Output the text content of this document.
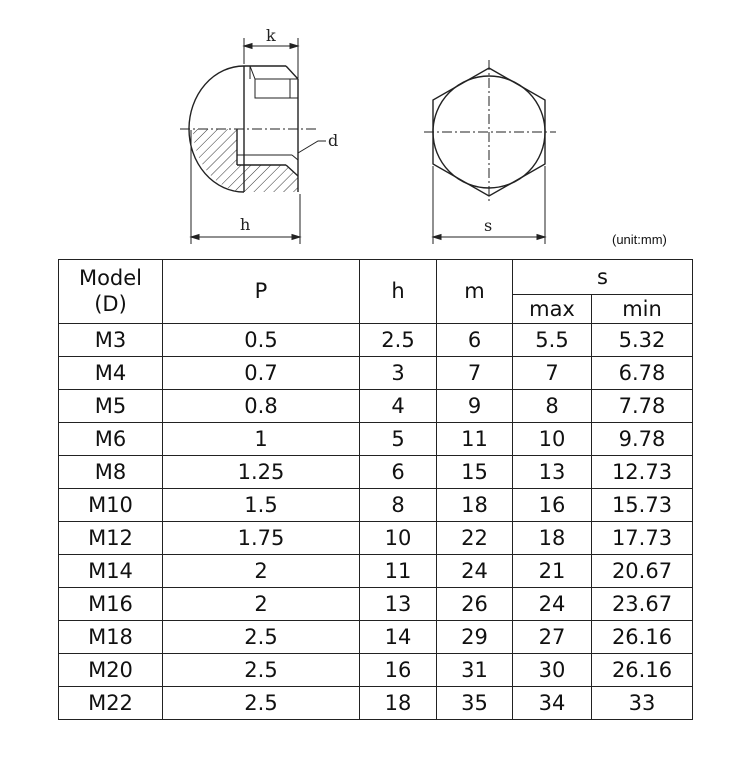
k
d
h	s
(unit:mm)
Model
(D)	P	h	m	s	
				max	min
M3	0.5	2.5	6	5.5	5.32
M4	0.7	3	7	7	6.78
M5	0.8	4	9	8	7.78
M6	1	5	11	10	9.78
M8	1.25	6	15	13	12.73
M10	1.5	8	18	16	15.73
M12	1.75	10	22	18	17.73
M14	2	11	24	21	20.67
M16	2	13	26	24	23.67
M18	2.5	14	29	27	26.16
M20	2.5	16	31	30	26.16
M22	2.5	18	35	34	33
